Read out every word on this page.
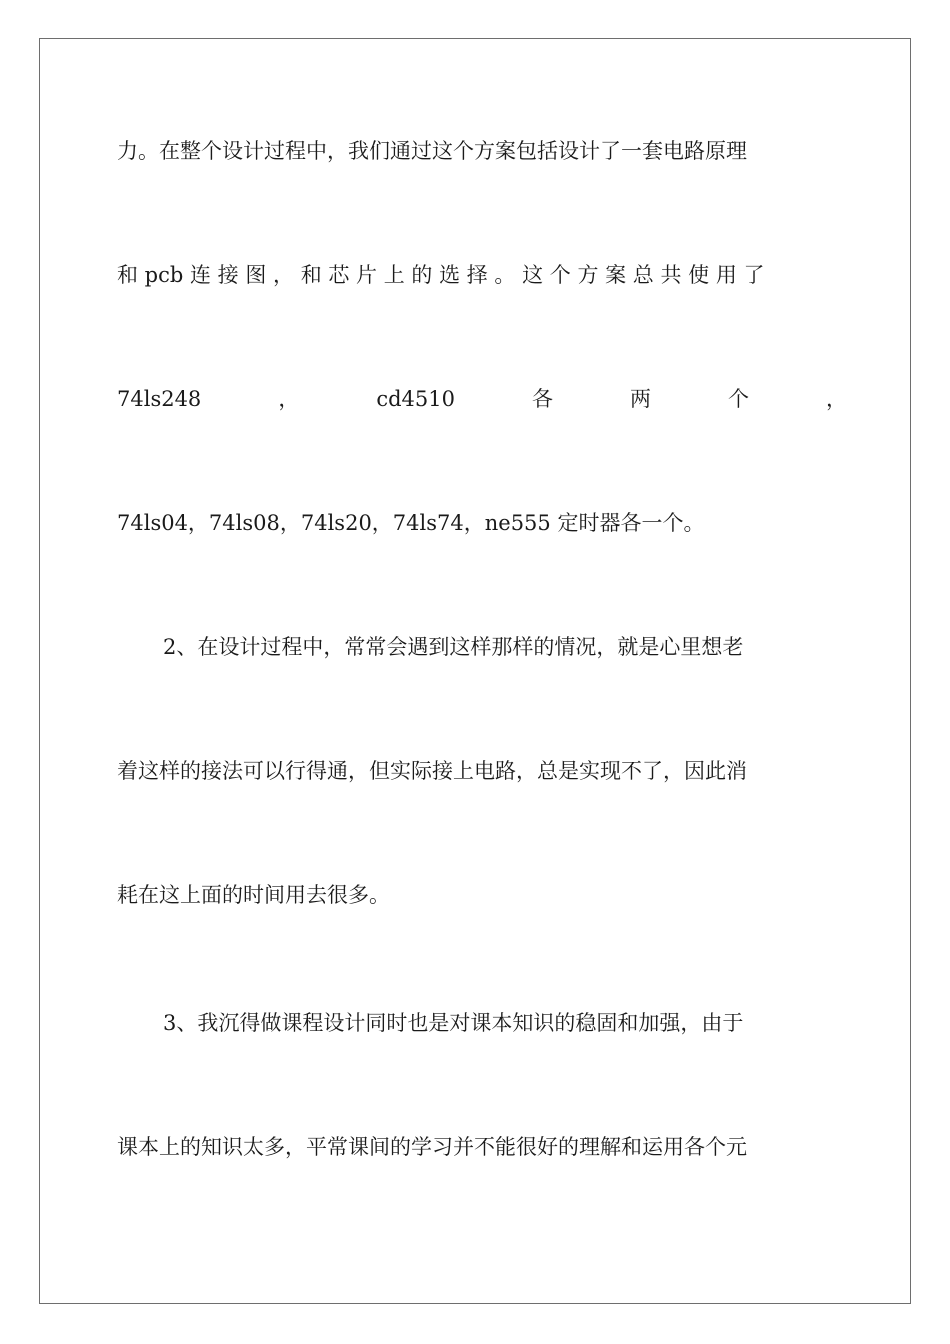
力。在整个设计过程中，我们通过这个方案包括设计了一套电路原理
和 pcb 连 接 图 ， 和 芯 片 上 的 选 择 。 这 个 方 案 总 共 使 用 了
74ls248	，	cd4510	各	两	个	，
74ls04，74ls08，74ls20，74ls74，ne555 定时器各一个。
2、在设计过程中，常常会遇到这样那样的情况，就是心里想老
着这样的接法可以行得通，但实际接上电路，总是实现不了，因此消
耗在这上面的时间用去很多。
3、我沉得做课程设计同时也是对课本知识的稳固和加强，由于
课本上的知识太多，平常课间的学习并不能很好的理解和运用各个元
